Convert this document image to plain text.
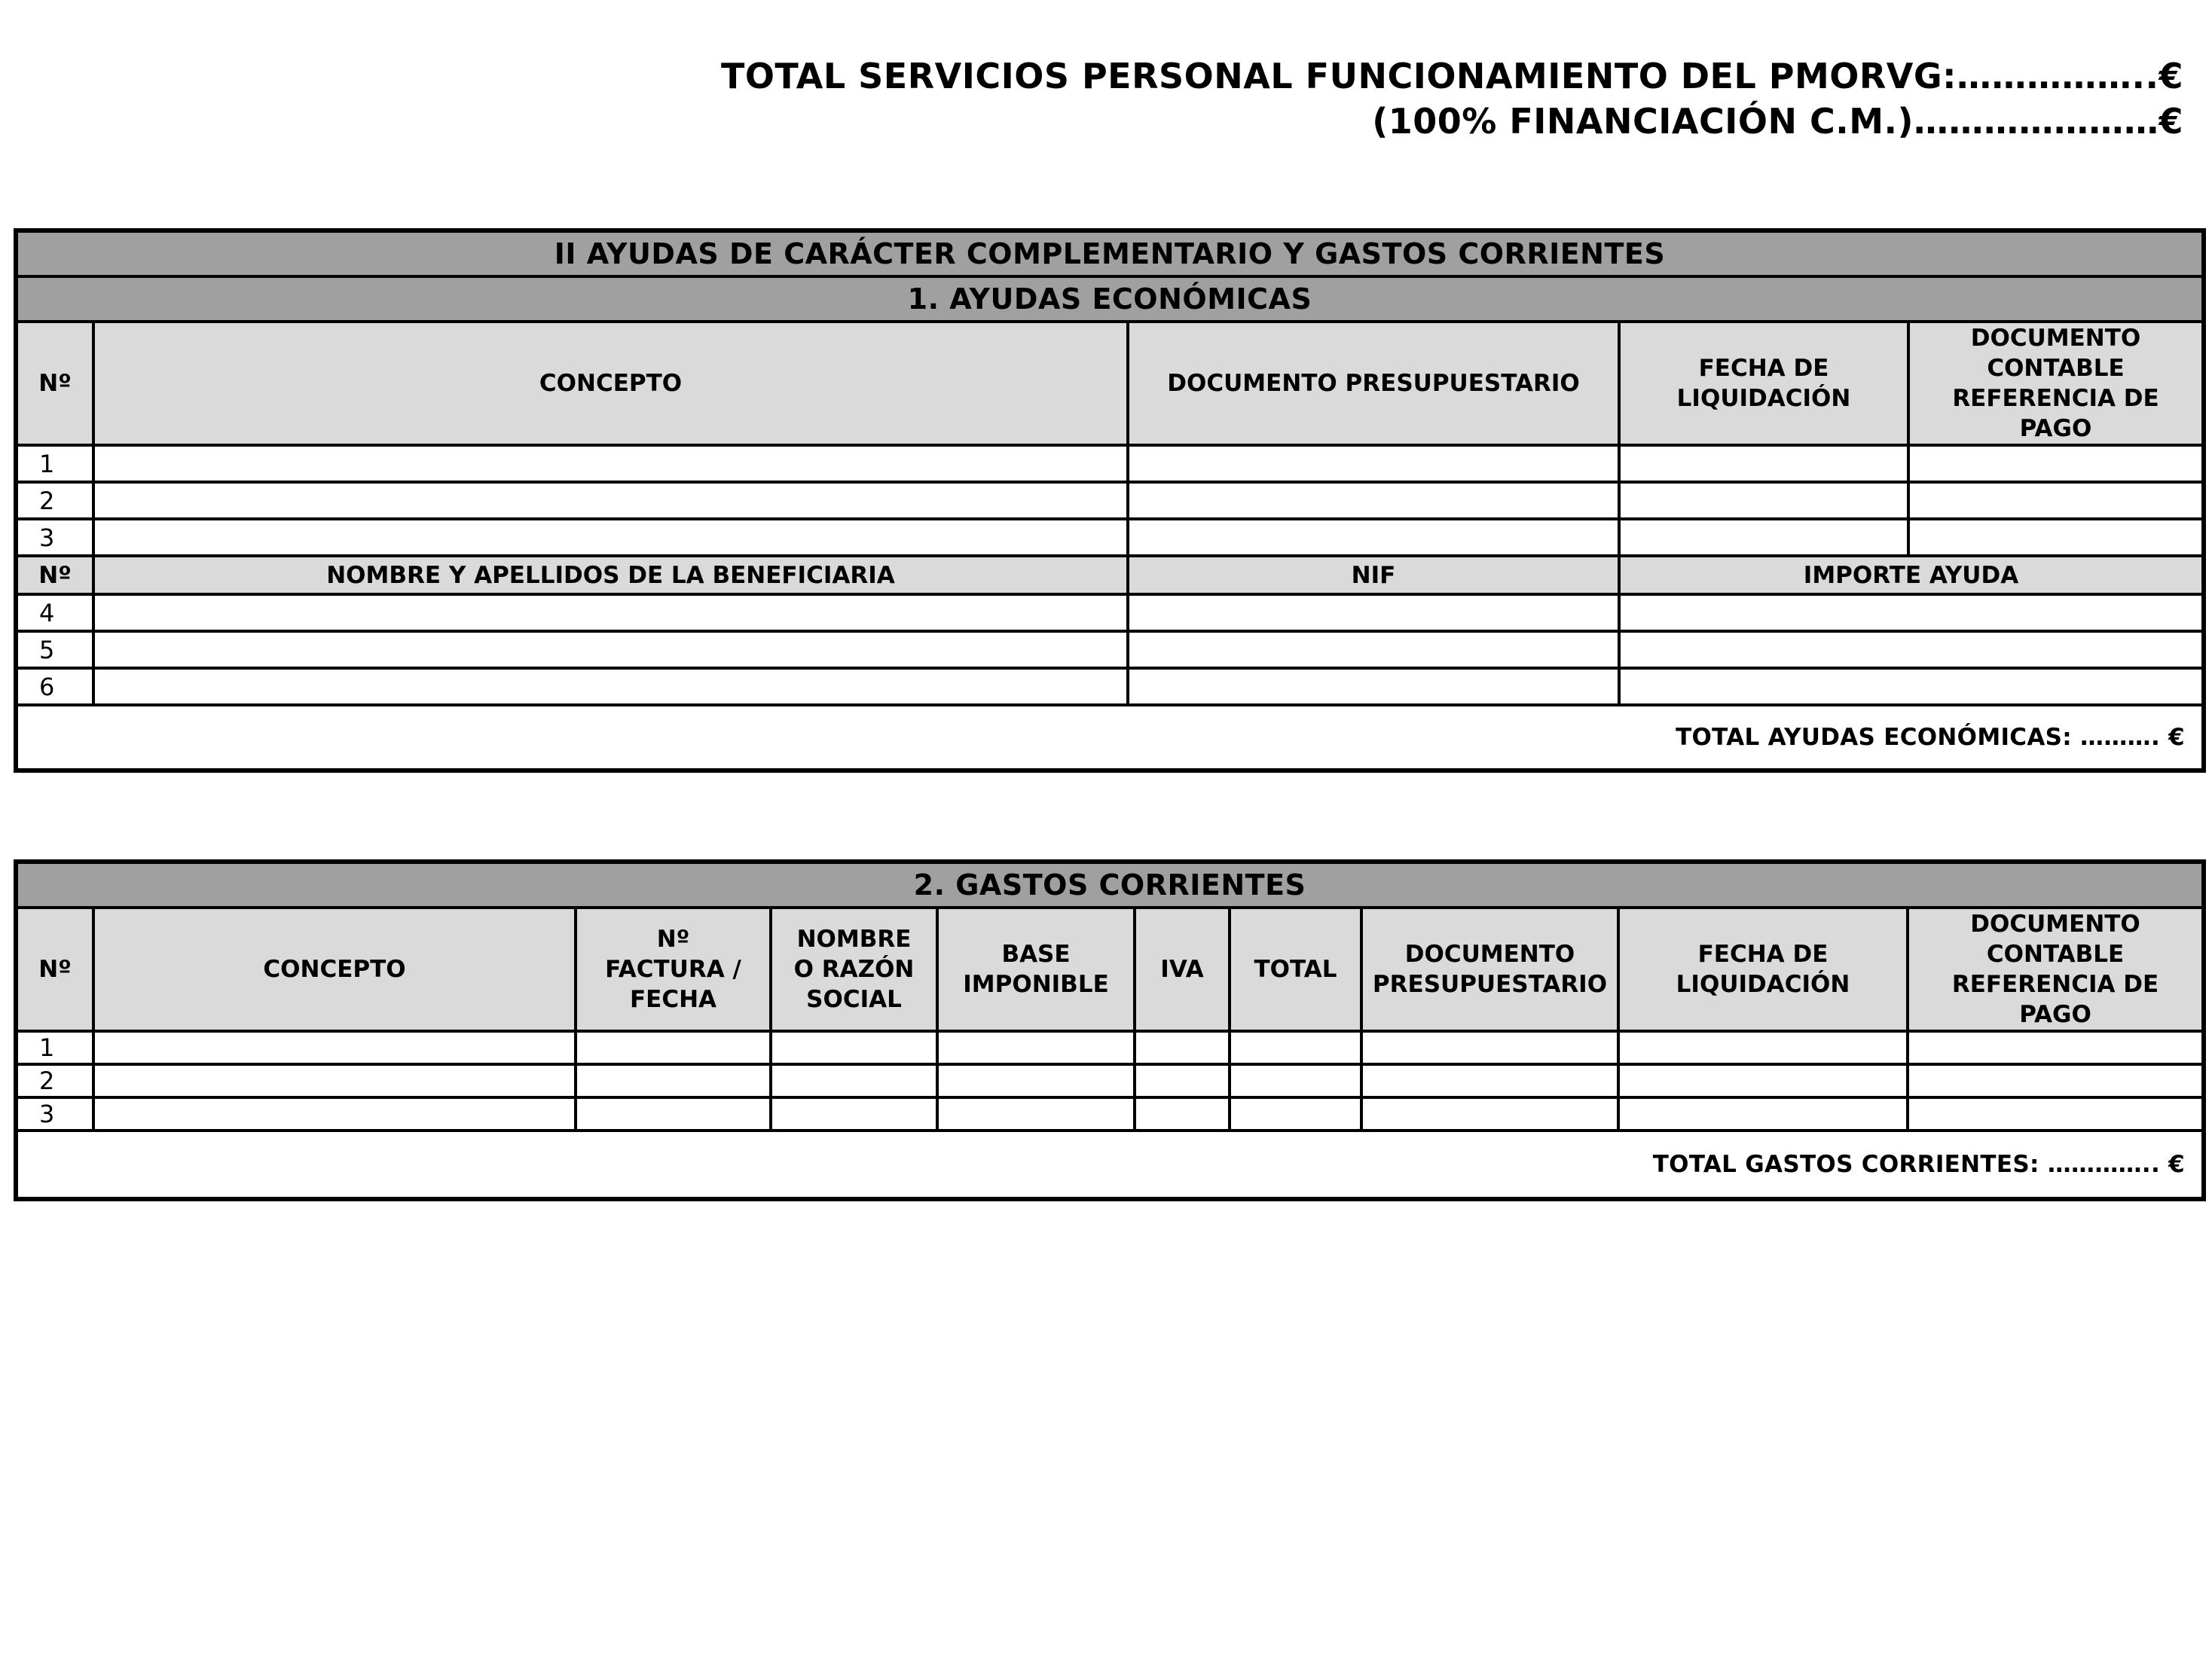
TOTAL SERVICIOS PERSONAL FUNCIONAMIENTO DEL PMORVG:……………..€
(100% FINANCIACIÓN C.M.)…………………€
II AYUDAS DE CARÁCTER COMPLEMENTARIO Y GASTOS CORRIENTES				
1. AYUDAS ECONÓMICAS				
Nº	CONCEPTO	DOCUMENTO PRESUPUESTARIO	FECHA DE LIQUIDACIÓN	DOCUMENTO CONTABLE REFERENCIA DE PAGO
1				
2				
3				
Nº	NOMBRE Y APELLIDOS DE LA BENEFICIARIA	NIF	IMPORTE AYUDA	
4				
5				
6				
TOTAL AYUDAS ECONÓMICAS: ………. €				
2. GASTOS CORRIENTES									
Nº	CONCEPTO	Nº FACTURA / FECHA	NOMBRE O RAZÓN SOCIAL	BASE IMPONIBLE	IVA	TOTAL	DOCUMENTO PRESUPUESTARIO	FECHA DE LIQUIDACIÓN	DOCUMENTO CONTABLE REFERENCIA DE PAGO
1									
2									
3									
TOTAL GASTOS CORRIENTES: ………….. €									
